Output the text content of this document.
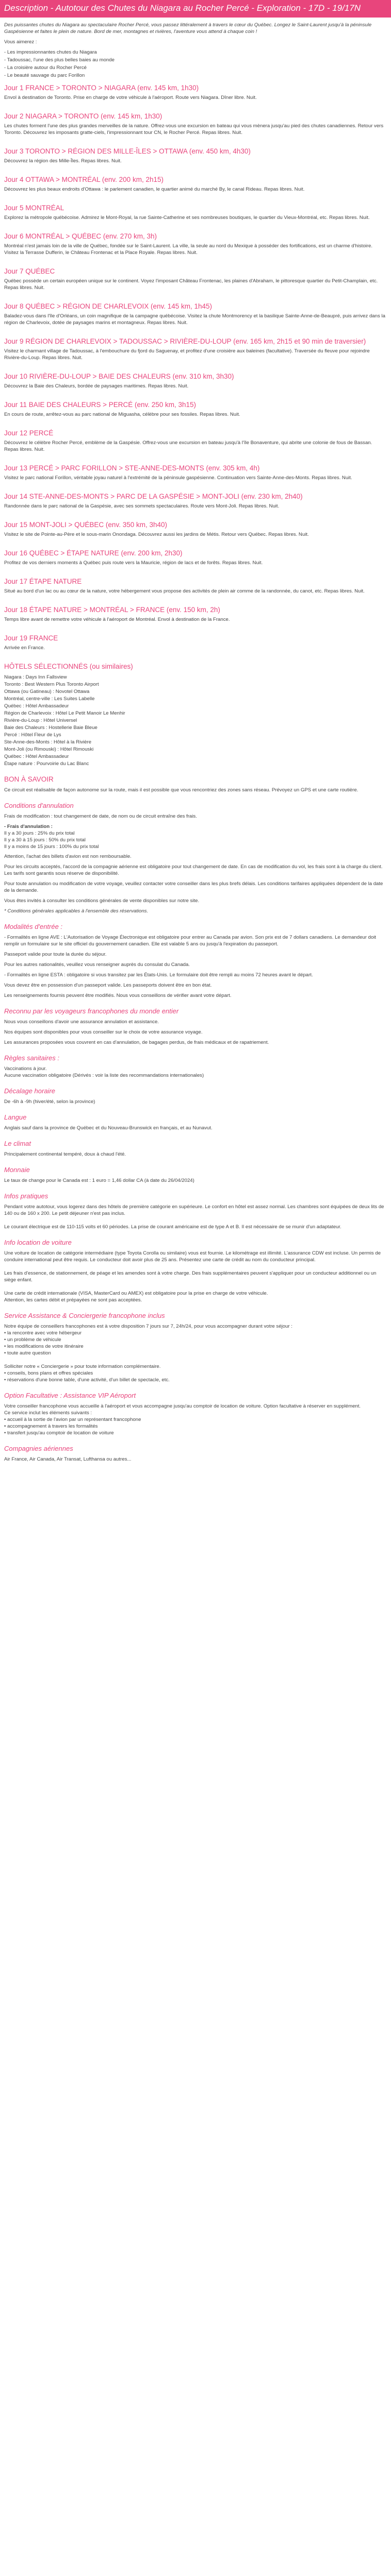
Description - Autotour des Chutes du Niagara au Rocher Percé - Exploration - 17D - 19/17N

Des puissantes chutes du Niagara au spectaculaire Rocher Percé, vous passez littéralement à travers le cœur du Québec. Longez le Saint-Laurent jusqu'à la péninsule Gaspésienne et faites le plein de nature. Bord de mer, montagnes et rivières, l'aventure vous attend à chaque coin !

Vous aimerez :

- Les impressionnantes chutes du Niagara
- Tadoussac, l'une des plus belles baies au monde
- La croisière autour du Rocher Percé
- Le beauté sauvage du parc Forillon
Jour 1 FRANCE > TORONTO > NIAGARA (env. 145 km, 1h30)

Envol à destination de Toronto. Prise en charge de votre véhicule à l'aéroport. Route vers Niagara. Dîner libre. Nuit.

Jour 2 NIAGARA > TORONTO (env. 145 km, 1h30)

Les chutes forment l'une des plus grandes merveilles de la nature. Offrez-vous une excursion en bateau qui vous mènera jusqu'au pied des chutes canadiennes. Retour vers Toronto. Découvrez les imposants gratte-ciels, l'impressionnant tour CN, le Rocher Percé. Repas libres. Nuit.

Jour 3 TORONTO > RÉGION DES MILLE-ÎLES > OTTAWA (env. 450 km, 4h30)

Découvrez la région des Mille-Îles. Repas libres. Nuit.

Jour 4 OTTAWA > MONTRÉAL (env. 200 km, 2h15)

Découvrez les plus beaux endroits d'Ottawa : le parlement canadien, le quartier animé du marché By, le canal Rideau. Repas libres. Nuit.

Jour 5 MONTRÉAL

Explorez la métropole québécoise. Admirez le Mont-Royal, la rue Sainte-Catherine et ses nombreuses boutiques, le quartier du Vieux-Montréal, etc. Repas libres. Nuit.

Jour 6 MONTRÉAL > QUÉBEC (env. 270 km, 3h)

Montréal n'est jamais loin de la ville de Québec, fondée sur le Saint-Laurent. La ville, la seule au nord du Mexique à posséder des fortifications, est un charme d'histoire. Visitez la Terrasse Dufferin, le Château Frontenac et la Place Royale. Repas libres. Nuit.

Jour 7 QUÉBEC

Québec possède un certain européen unique sur le continent. Voyez l'imposant Château Frontenac, les plaines d'Abraham, le pittoresque quartier du Petit-Champlain, etc. Repas libres. Nuit.

Jour 8 QUÉBEC > RÉGION DE CHARLEVOIX (env. 145 km, 1h45)

Baladez-vous dans l'île d'Orléans, un coin magnifique de la campagne québécoise. Visitez la chute Montmorency et la basilique Sainte-Anne-de-Beaupré, puis arrivez dans la région de Charlevoix, dotée de paysages marins et montagneux. Repas libres. Nuit.

Jour 9 RÉGION DE CHARLEVOIX > TADOUSSAC > RIVIÈRE-DU-LOUP (env. 165 km, 2h15 et 90 min de traversier)

Visitez le charmant village de Tadoussac, à l'embouchure du fjord du Saguenay, et profitez d'une croisière aux baleines (facultative). Traversée du fleuve pour rejoindre Rivière-du-Loup. Repas libres. Nuit.

Jour 10 RIVIÈRE-DU-LOUP > BAIE DES CHALEURS (env. 310 km, 3h30)

Découvrez la Baie des Chaleurs, bordée de paysages maritimes. Repas libres. Nuit.

Jour 11 BAIE DES CHALEURS > PERCÉ (env. 250 km, 3h15)

En cours de route, arrêtez-vous au parc national de Miguasha, célèbre pour ses fossiles. Repas libres. Nuit.

Jour 12 PERCÉ

Découvrez le célèbre Rocher Percé, emblème de la Gaspésie. Offrez-vous une excursion en bateau jusqu'à l'île Bonaventure, qui abrite une colonie de fous de Bassan. Repas libres. Nuit.

Jour 13 PERCÉ > PARC FORILLON > STE-ANNE-DES-MONTS (env. 305 km, 4h)

Visitez le parc national Forillon, véritable joyau naturel à l'extrémité de la péninsule gaspésienne. Continuation vers Sainte-Anne-des-Monts. Repas libres. Nuit.

Jour 14 STE-ANNE-DES-MONTS > PARC DE LA GASPÉSIE > MONT-JOLI (env. 230 km, 2h40)

Randonnée dans le parc national de la Gaspésie, avec ses sommets spectaculaires. Route vers Mont-Joli. Repas libres. Nuit.

Jour 15 MONT-JOLI > QUÉBEC (env. 350 km, 3h40)

Visitez le site de Pointe-au-Père et le sous-marin Onondaga. Découvrez aussi les jardins de Métis. Retour vers Québec. Repas libres. Nuit.

Jour 16 QUÉBEC > ÉTAPE NATURE (env. 200 km, 2h30)

Profitez de vos derniers moments à Québec puis route vers la Mauricie, région de lacs et de forêts. Repas libres. Nuit.

Jour 17 ÉTAPE NATURE

Situé au bord d'un lac ou au cœur de la nature, votre hébergement vous propose des activités de plein air comme de la randonnée, du canot, etc. Repas libres. Nuit.

Jour 18 ÉTAPE NATURE > MONTRÉAL > FRANCE (env. 150 km, 2h)

Temps libre avant de remettre votre véhicule à l'aéroport de Montréal. Envol à destination de la France.

Jour 19 FRANCE

Arrivée en France.

HÔTELS SÉLECTIONNÉS (ou similaires)
Niagara : Days Inn Fallsview
Toronto : Best Western Plus Toronto Airport
Ottawa (ou Gatineau) : Novotel Ottawa
Montréal, centre-ville : Les Suites Labelle
Québec : Hôtel Ambassadeur
Région de Charlevoix : Hôtel Le Petit Manoir Le Menhir
Rivière-du-Loup : Hôtel Universel
Baie des Chaleurs : Hostellerie Baie Bleue
Percé : Hôtel Fleur de Lys
Ste-Anne-des-Monts : Hôtel à la Rivière
Mont-Joli (ou Rimouski) : Hôtel Rimouski
Québec : Hôtel Ambassadeur
Étape nature : Pourvoirie du Lac Blanc
BON À SAVOIR

Ce circuit est réalisable de façon autonome sur la route, mais il est possible que vous rencontriez des zones sans réseau. Prévoyez un GPS et une carte routière.

Conditions d'annulation

Frais de modification : tout changement de date, de nom ou de circuit entraîne des frais.

- Frais d'annulation :
Il y a 30 jours : 25% du prix total
Il y a 30 à 15 jours : 50% du prix total
Il y a moins de 15 jours : 100% du prix total

Attention, l'achat des billets d'avion est non remboursable.

Pour les circuits acceptés, l'accord de la compagnie aérienne est obligatoire pour tout changement de date. En cas de modification du vol, les frais sont à la charge du client. Les tarifs sont garantis sous réserve de disponibilité.

Pour toute annulation ou modification de votre voyage, veuillez contacter votre conseiller dans les plus brefs délais. Les conditions tarifaires appliquées dépendent de la date de la demande.

Vous êtes invités à consulter les conditions générales de vente disponibles sur notre site.

* Conditions générales applicables à l'ensemble des réservations.

Modalités d'entrée :

- Formalités en ligne AVE : L'Autorisation de Voyage Électronique est obligatoire pour entrer au Canada par avion. Son prix est de 7 dollars canadiens. Le demandeur doit remplir un formulaire sur le site officiel du gouvernement canadien. Elle est valable 5 ans ou jusqu'à l'expiration du passeport.

Passeport valide pour toute la durée du séjour.

Pour les autres nationalités, veuillez vous renseigner auprès du consulat du Canada.

- Formalités en ligne ESTA : obligatoire si vous transitez par les États-Unis. Le formulaire doit être rempli au moins 72 heures avant le départ.

Vous devez être en possession d'un passeport valide. Les passeports doivent être en bon état.

Les renseignements fournis peuvent être modifiés. Nous vous conseillons de vérifier avant votre départ.

Reconnu par les voyageurs francophones du monde entier

Nous vous conseillons d'avoir une assurance annulation et assistance.

Nos équipes sont disponibles pour vous conseiller sur le choix de votre assurance voyage.

Les assurances proposées vous couvrent en cas d'annulation, de bagages perdus, de frais médicaux et de rapatriement.

Règles sanitaires :

Vaccinations à jour.
Aucune vaccination obligatoire (Dérivés : voir la liste des recommandations internationales)

Décalage horaire

De -6h à -9h (hiver/été, selon la province)

Langue

Anglais sauf dans la province de Québec et du Nouveau-Brunswick en français, et au Nunavut.

Le climat

Principalement continental tempéré, doux à chaud l'été.

Monnaie

Le taux de change pour le Canada est : 1 euro = 1,46 dollar CA (à date du 26/04/2024)

Infos pratiques

Pendant votre autotour, vous logerez dans des hôtels de première catégorie en supérieure. Le confort en hôtel est assez normal. Les chambres sont équipées de deux lits de 140 ou de 160 x 200. Le petit déjeuner n'est pas inclus.

Le courant électrique est de 110-115 volts et 60 périodes. La prise de courant américaine est de type A et B. Il est nécessaire de se munir d'un adaptateur.

Info location de voiture

Une voiture de location de catégorie intermédiaire (type Toyota Corolla ou similaire) vous est fournie. Le kilométrage est illimité. L'assurance CDW est incluse. Un permis de conduire international peut être requis. Le conducteur doit avoir plus de 25 ans. Présentez une carte de crédit au nom du conducteur principal.

Les frais d'essence, de stationnement, de péage et les amendes sont à votre charge. Des frais supplémentaires peuvent s'appliquer pour un conducteur additionnel ou un siège enfant.

Une carte de crédit internationale (VISA, MasterCard ou AMEX) est obligatoire pour la prise en charge de votre véhicule.
Attention, les cartes débit et prépayées ne sont pas acceptées.

Service Assistance & Conciergerie francophone inclus

Notre équipe de conseillers francophones est à votre disposition 7 jours sur 7, 24h/24, pour vous accompagner durant votre séjour :
• la rencontre avec votre hébergeur
• un problème de véhicule
• les modifications de votre itinéraire
• toute autre question

Solliciter notre « Conciergerie » pour toute information complémentaire.
• conseils, bons plans et offres spéciales
• réservations d'une bonne table, d'une activité, d'un billet de spectacle, etc.

Option Facultative : Assistance VIP Aéroport

Votre conseiller francophone vous accueille à l'aéroport et vous accompagne jusqu'au comptoir de location de voiture. Option facultative à réserver en supplément.
Ce service inclut les éléments suivants :
• accueil à la sortie de l'avion par un représentant francophone
• accompagnement à travers les formalités
• transfert jusqu'au comptoir de location de voiture

Compagnies aériennes

Air France, Air Canada, Air Transat, Lufthansa ou autres...
